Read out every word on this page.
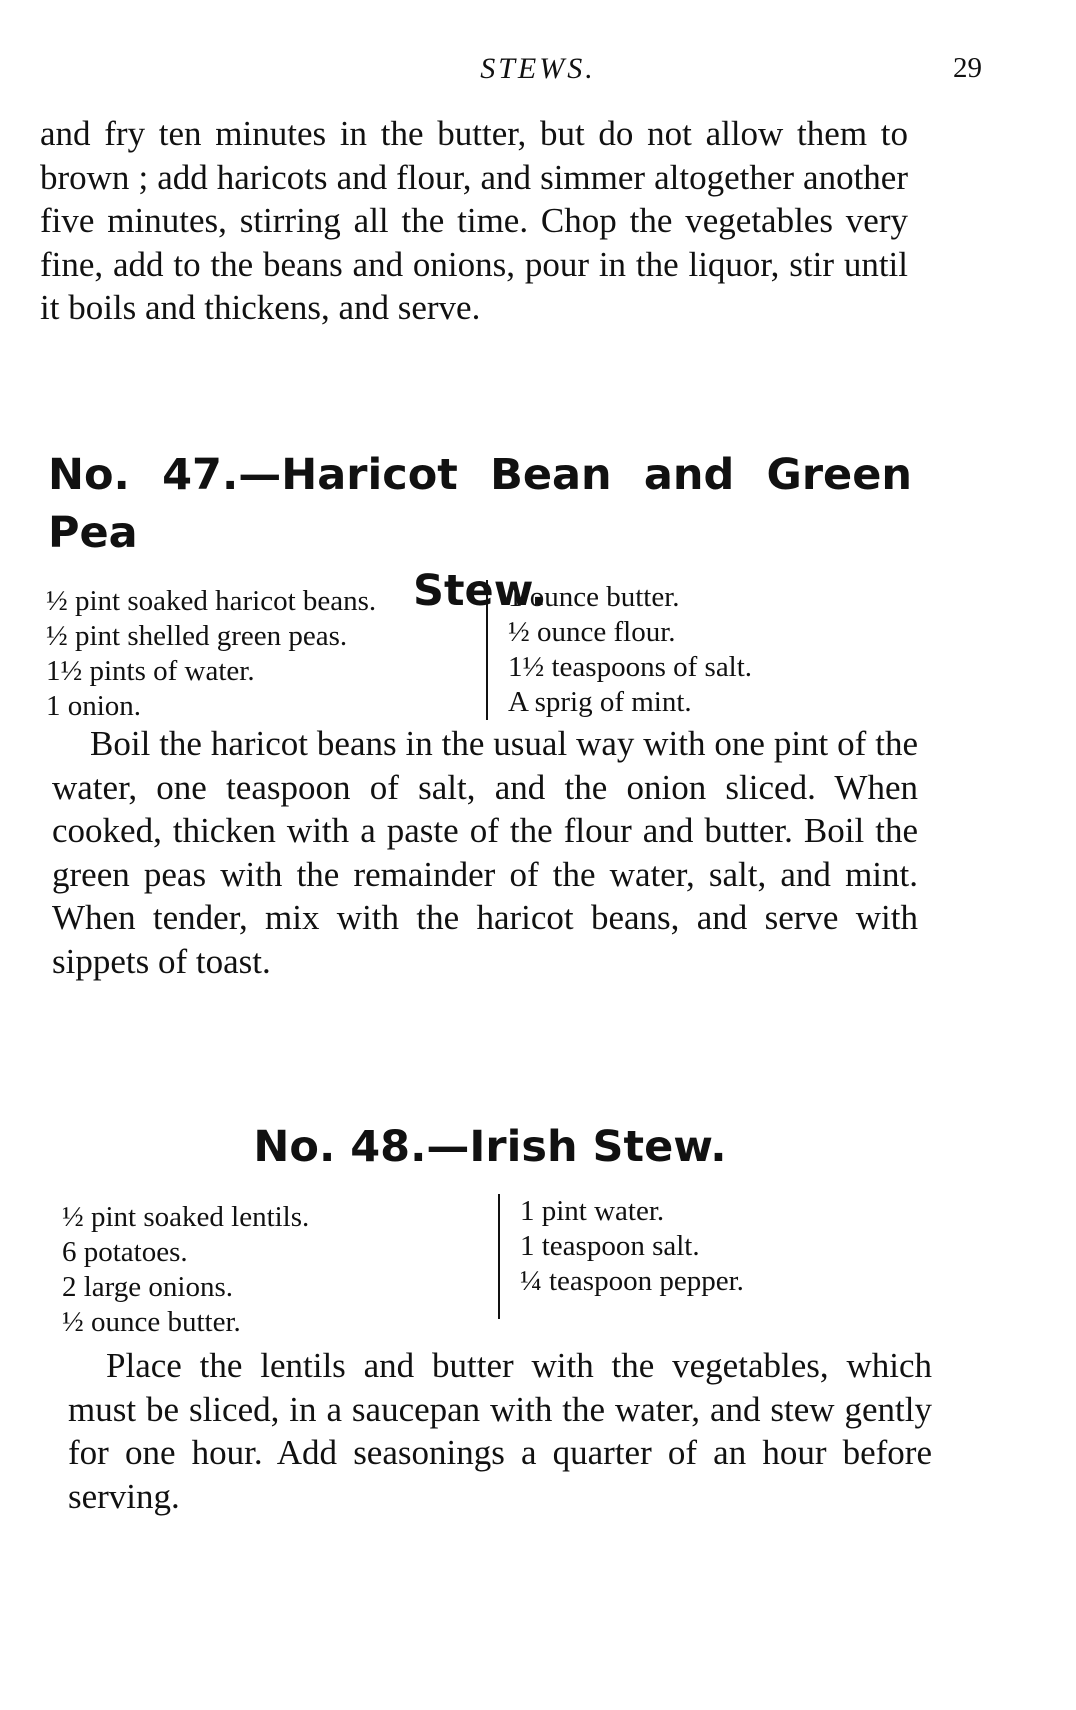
STEWS.	29

and fry ten minutes in the butter, but do not allow them to brown ; add haricots and flour, and simmer altogether another five minutes, stirring all the time. Chop the vegetables very fine, add to the beans and onions, pour in the liquor, stir until it boils and thickens, and serve.

No. 47.—Haricot Bean and Green Pea
Stew.
½ pint soaked haricot beans.
½ pint shelled green peas.
1½ pints of water.
1 onion.
1 ounce butter.
½ ounce flour.
1½ teaspoons of salt.
A sprig of mint.

Boil the haricot beans in the usual way with one pint of the water, one teaspoon of salt, and the onion sliced. When cooked, thicken with a paste of the flour and butter. Boil the green peas with the remainder of the water, salt, and mint. When tender, mix with the haricot beans, and serve with sippets of toast.

No. 48.—Irish Stew.
½ pint soaked lentils.
6 potatoes.
2 large onions.
½ ounce butter.
1 pint water.
1 teaspoon salt.
¼ teaspoon pepper.

Place the lentils and butter with the vegetables, which must be sliced, in a saucepan with the water, and stew gently for one hour. Add seasonings a quarter of an hour before serving.
